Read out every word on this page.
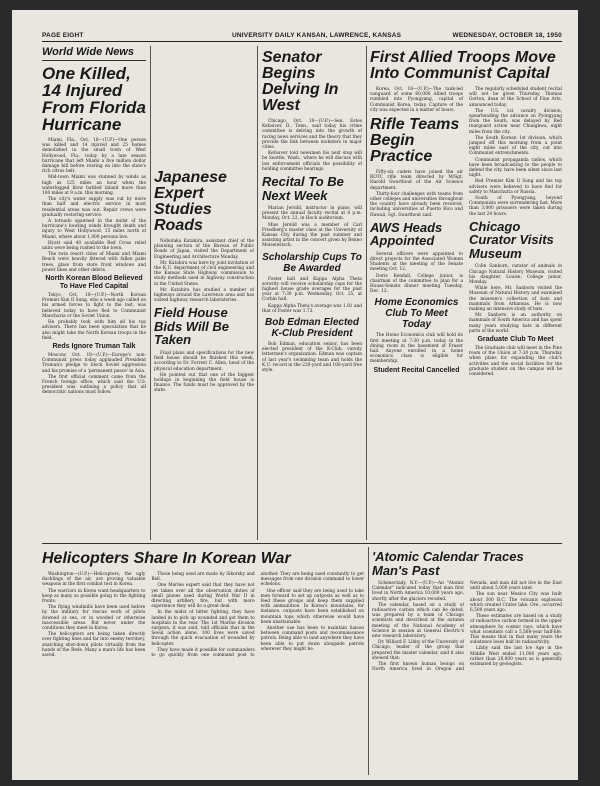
PAGE EIGHT	UNIVERSITY DAILY KANSAN, LAWRENCE, KANSAS	WEDNESDAY, OCTOBER 18, 1950
World Wide News
One Killed, 14 Injured From Florida Hurricane

Miami, Fla., Oct. 18—(U.P.)—One person was killed and 14 injured and 25 homes demolished in the small town of West Hollywood, Fla., today by a late season hurricane that left Miami a five million dollar damage bill before roaring on into the state's rich citrus belt.

Mid-town Miami was stunned by winds as high as 125 miles an hour when the waterlogged blow battled inland more than 100 miles at 9 a.m. this morning.

The city's water supply was cut by more than half and electric service in most residential areas was out. Repair crews were gradually restoring service.

A tornado spawned in the midst of the hurricane's howling winds brought death and injury to West Hollywood, 15 miles north of Miami, where about 1,000 persons live.

Hyatt said 40 available Red Cross relief units were being rushed to the town.

The twin resort cities of Miami and Miami Beach were heavily littered with fallen palm trees, glass from store front windows and power lines and other debris.

North Korean Blood Believed To Have Fled Capital

Tokyo, Oct. 18—(U.P.)—North Korean Premier Kim Il Sung, who a week ago called on his armed forces to fight to the last, was believed today to have fled to Communist Manchuria or the Soviet Union.

He probably took with him all his top advisers. There has been speculation that he also might take the North Korean troops in the field.

Reds Ignore Truman Talk

Moscow, Oct. 18—(U.P.)—Europe's non-Communist press today applauded President Truman's pledge to block Soviet aggression and his promise of a 'permanent peace' in Asia.

The first official comment came from the French foreign office, which said the U.S. president was outlining a policy that all democratic nations must follow.

Japanese Expert Studies Roads

Nobutaka Katahira, assistant chief of the planning section of the Bureau of Public Roads of Japan, visited the Department of Engineering and Architecture Monday.

Mr. Katahira was here by joint invitation of the K.U. department of civil engineering and the Kansas State Highway commission to study methods used in highway construction in the United States.

Mr. Katahira has studied a number of highways around the Lawrence area and has visited highway research laboratories.

Field House Bids Will Be Taken

Final plans and specifications for the new field house should be finished this week, according to Dr. Forrest C. Allen, head of the physical education department.

He pointed out that one of the biggest holdups in beginning the field house is finance. The funds must be approved by the state.

Senator Begins Delving In West

Chicago, Oct. 18—(U.P.)—Sen. Estes Kefauver, D., Tenn., said today his crime committee is delving into the growth of racing news services and the theory that they provide the link between mobsters in major cities.

Kefauver told newsmen his next stop will be Seattle, Wash., where he will discuss with law enforcement officials the possibility of holding committee hearings.

Recital To Be Next Week

Marian Jersild, instructor in piano, will present the annual faculty recital at 8 p.m. Monday, Oct. 23, in Hoch auditorium.

Miss Jersild was a member of Carl Friedberg's master class at the University of Kansas City during the past summer and assisting artist in the concert given by Benno Moiseiwitsch.

Scholarship Cups To Be Awarded

Foster hall and Kappa Alpha Theta sorority will receive scholarship cups for the highest house grade averages for the past year at 7:30 p.m. Wednesday, Oct. 25, at Corbin hall.

Kappa Alpha Theta's average was 1.81 and that of Foster was 1.73.

Bob Edman Elected K-Club President

Bob Edman, education senior, has been elected president of the K-Club, varsity lettermen's organization. Edman was captain of last year's swimming team and holds the K.U. record in the 220-yard and 100-yard free style.

First Allied Troops Move Into Communist Capital

Korea, Oct. 18—(U.P.)—The tank-led vanguard of some 60,000 Allied troops rumbled into Pyongyang, capital of Communist Korea, today. Capture of the city was expected in a matter of hours.

Rifle Teams Begin Practice

Fifty-six cadets have joined the air ROTC rifle team directed by M/Sgt. Harold Swarthout of the Air Science department.

Thirty-four challenges with teams from other colleges and universities throughout the country have already been received, including universities at Puerto Rico and Hawaii, Sgt. Swarthout said.

AWS Heads Appointed

Several officers were appointed to direct projects for the Associated Women Students at the meeting of the Senate meeting Oct. 12.

Doris Kendall, College junior, is chairman of the committee to plan for a House-Senate dinner meeting Tuesday, Dec. 12.

Home Economics Club To Meet Today

The Home Economics club will hold its first meeting at 7:30 p.m. today in the dining room in the basement of Fraser hall. Anyone enrolled in a home economics class is eligible for membership.

Student Recital Cancelled

The regularly scheduled student recital will not be given Thursday, Thomas Gorton, dean of the School of Fine Arts, announced today.

The U.S. 1st cavalry division, spearheading the advance on Pyongyang from the South, was delayed by Red rearguard action near Chunghwa, eight miles from the city.

The South Korean 1st division, which jumped off this morning from a point eight miles east of the city, cut into Communist entrenchments.

Communist propaganda radios, which have been broadcasting to the people to defend the city, have been silent since last night.

Red Premier Kim Il Sung and his top advisers were believed to have fled for safety to Manchuria or Russia.

South of Pyongyang, beyond Communists were surrendering fast. More than 3,000 prisoners were taken during the last 24 hours.

Chicago Curator Visits Museum

Colin Sanborn, curator of animals in Chicago Natural History Museum, visited his daughter, Louise, College junior, Monday.

While here, Mr. Sanborn visited the Museum of Natural History and examined the museum's collection of bats and mammals from Arkansas. He is now making an intensive study of bats.

Mr. Sanborn is an authority on mammals of South America and has spent many years studying bats in different parts of the world.

Graduate Club To Meet

The Graduate club will meet in the Pine room of the Union at 7:30 p.m. Thursday when plans for expanding the club's activities and the social facilities for the graduate student on the campus will be considered.

Helicopters Share In Korean War

Washington—(U.P.)—Helicopters, the ugly ducklings of the air, are proving valuable weapons in the first combat test in Korea.

The warriors in Korea want headquarters to keep as many as possible going to the fighting fronts.

The flying windmills have been used before by the military for rescue work of pilots downed at sea, or in wooded or otherwise inaccessible areas. But never under the conditions they meet in Korea.

The helicopters are being taken directly over fighting lines and far into enemy territory, snatching shot-down pilots virtually from the hands of the Reds. Many a man's life has been saved.

Those being used are made by Sikorsky and Bell.

One Marine expert said that they have not yet taken over all the observation duties of small planes used during World War II in directing artillery fire, but with more experience they will do a great deal.

In the midst of bitter fighting, they have landed in to pick up wounded and got them to hospitals in the rear. The 1st Marine division surgeon, it was said, told officials that in the Seoul action alone, 100 lives were saved through the quick evacuation of wounded by helicopter.

They have made it possible for commanders to go quickly from one command post to another. They are being used constantly to get messages from one division command to lower echelons.

One officer said they are being used to take men forward to set up outposts as well as to feed these groups and keep them supplied with ammunition. In Korea's mountains, for instance, outposts have been established on mountain tops which otherwise would have been unattainable.

Another use has been to maintain liaison between command posts and reconnaissance patrols. Being able to land anywhere they have been able to put down alongside patrols wherever they might be.

'Atomic Calendar Traces Man's Past

Schenectady, N.Y.—(U.P.)—An "Atomic Calendar" indicated today that man first lived in North America 10,000 years ago, shortly after the glaciers receded.

The calendar, based on a study of radioactive carbon which can be dated, was prepared by a team of Chicago scientists and described at the autumn meeting of the National Academy of Science in session at General Electric's new research laboratory.

Dr. Willard F. Libby of the University of Chicago, leader of the group that prepared the master calendar, said it also showed that:

The first known human beings on North America lived in Oregon and Nevada, and man did not live in the East until about 5,000 years later.

The sun near Mexico City was built about 300 B.C. The volcanic explosion which created Crater lake, Ore., occurred 6,500 years ago.

These estimates are based on a study of radioactive carbon formed in the upper atmosphere by cosmic rays, which have what scientists call a 5,568-year half-life. This means that in that many years the substance loses half its radioactivity.

Libby said the last Ice Age in the Middle West ended 11,000 years ago, rather than 20,000 years as is generally estimated by geologists.
